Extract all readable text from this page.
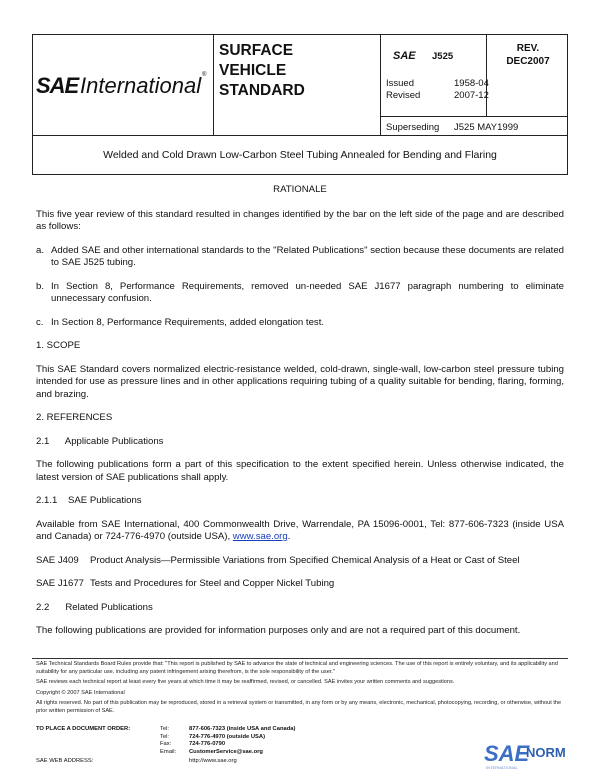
SAE International ®
SURFACE
VEHICLE
STANDARD
SAE J525
REV.
DEC2007
Issued	1958-04
Revised	2007-12
Superseding J525 MAY1999
Welded and Cold Drawn Low-Carbon Steel Tubing Annealed for Bending and Flaring

RATIONALE

This five year review of this standard resulted in changes identified by the bar on the left side of the page and are described as follows:

a. Added SAE and other international standards to the "Related Publications" section because these documents are related to SAE J525 tubing.
b. In Section 8, Performance Requirements, removed un-needed SAE J1677 paragraph numbering to eliminate unnecessary confusion.
c. In Section 8, Performance Requirements, added elongation test.

1. SCOPE

This SAE Standard covers normalized electric-resistance welded, cold-drawn, single-wall, low-carbon steel pressure tubing intended for use as pressure lines and in other applications requiring tubing of a quality suitable for bending, flaring, forming, and brazing.

2. REFERENCES

2.1      Applicable Publications

The following publications form a part of this specification to the extent specified herein. Unless otherwise indicated, the latest version of SAE publications shall apply.

2.1.1    SAE Publications

Available from SAE International, 400 Commonwealth Drive, Warrendale, PA 15096-0001, Tel: 877-606-7323 (inside USA and Canada) or 724-776-4970 (outside USA), www.sae.org.

SAE J409	Product Analysis—Permissible Variations from Specified Chemical Analysis of a Heat or Cast of Steel
SAE J1677 Tests and Procedures for Steel and Copper Nickel Tubing

2.2      Related Publications

The following publications are provided for information purposes only and are not a required part of this document.

SAE Technical Standards Board Rules provide that: "This report is published by SAE to advance the state of technical and engineering sciences. The use of this report is entirely voluntary, and its applicability and suitability for any particular use, including any patent infringement arising therefrom, is the sole responsibility of the user."

SAE reviews each technical report at least every five years at which time it may be reaffirmed, revised, or cancelled. SAE invites your written comments and suggestions.

Copyright © 2007 SAE International

All rights reserved. No part of this publication may be reproduced, stored in a retrieval system or transmitted, in any form or by any means, electronic, mechanical, photocopying, recording, or otherwise, without the prior written permission of SAE.

TO PLACE A DOCUMENT ORDER:	Tel:	877-606-7323 (inside USA and Canada)
Tel:	724-776-4970 (outside USA)
Fax:	724-776-0790
Email:	CustomerService@sae.org
SAE WEB ADDRESS:	http://www.sae.org	SAE
NORM
INTERNATIONAL
